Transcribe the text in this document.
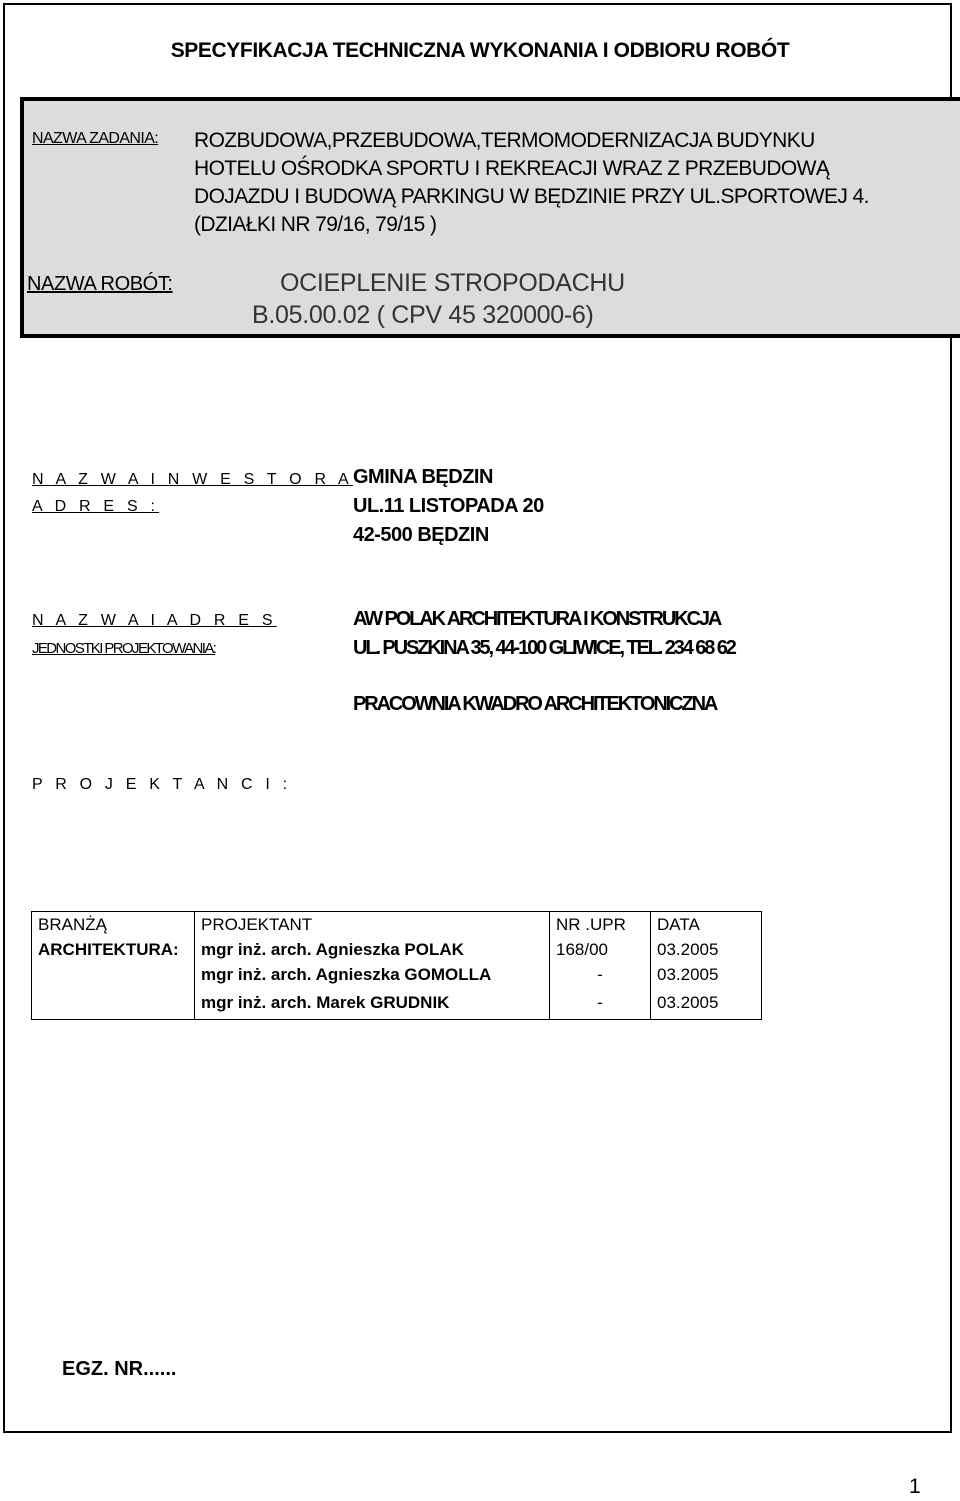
SPECYFIKACJA TECHNICZNA WYKONANIA I ODBIORU ROBÓT
NAZWA ZADANIA: ROZBUDOWA,PRZEBUDOWA,TERMOMODERNIZACJA BUDYNKU
HOTELU OŚRODKA SPORTU I REKREACJI WRAZ Z PRZEBUDOWĄ
DOJAZDU I BUDOWĄ PARKINGU W BĘDZINIE PRZY UL.SPORTOWEJ 4.
(DZIAŁKI NR 79/16, 79/15 )
NAZWA ROBÓT:	OCIEPLENIE STROPODACHU
B.05.00.02 ( CPV 45 320000-6)
N A Z W A I N W E S T O R A GMINA BĘDZIN
A D R E S :	UL.11 LISTOPADA 20
42-500 BĘDZIN
N A Z W A I A D R E S	AW POLAK ARCHITEKTURA I KONSTRUKCJA
JEDNOSTKI PROJEKTOWANIA:	UL. PUSZKINA 35, 44-100 GLIWICE, TEL. 234 68 62
PRACOWNIA KWADRO ARCHITEKTONICZNA
P R O J E K T A N C I :
BRANŻĄ	PROJEKTANT	NR .UPR	DATA
ARCHITEKTURA:	mgr inż. arch. Agnieszka POLAK	168/00	03.2005
	mgr inż. arch. Agnieszka GOMOLLA	-	03.2005
	mgr inż. arch. Marek GRUDNIK	-	03.2005
EGZ. NR......
1
